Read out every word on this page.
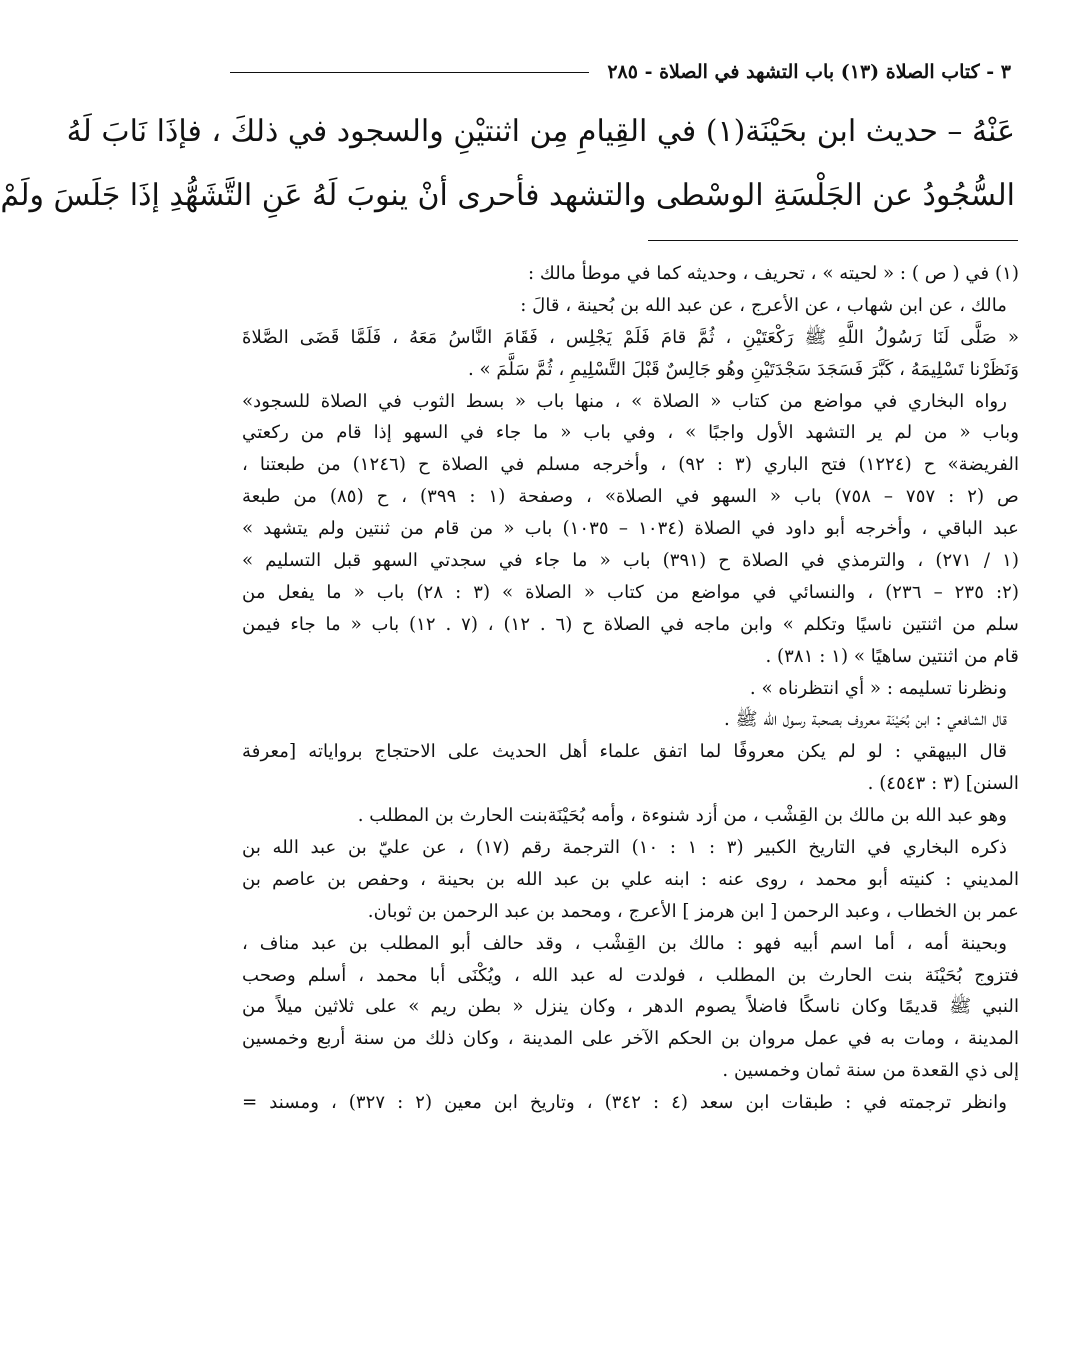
٣ - كتاب الصلاة (١٣) باب التشهد في الصلاة - ٢٨٥
عَنْهُ – حديث ابن بحَيْنَة(١) في القِيامِ مِن اثنتيْنِ والسجود في ذلكَ ، فإذَا نَابَ لَهُ
السُّجُودُ عن الجَلْسَةِ الوسْطى والتشهد فأحرى أنْ ينوبَ لَهُ عَنِ التَّشَهُّدِ إذَا جَلَسَ ولَمْ
(١) في ( ص ) : « لحيته » ، تحريف ، وحديثه كما في موطأ مالك :
مالك ، عن ابن شهاب ، عن الأعرج ، عن عبد الله بن بُحينة ، قالَ :
« صَلَّى لَنَا رَسُولُ اللَّهِ ﷺ رَكْعَتَيْنِ ، ثُمَّ قامَ فَلَمْ يَجْلِس ، فَقَامَ النَّاسُ مَعَهُ ، فَلَمَّا قَضَى الصَّلاةَ
وَنَظَرْنا تَسْلِيمَهُ ، كَبَّرَ فَسَجَدَ سَجْدَتَيْنِ وهُو جَالِسٌ قَبْلَ التَّسْلِيمِ ، ثُمَّ سَلَّمَ » .
رواه البخاري في مواضع من كتاب « الصلاة » ، منها باب « بسط الثوب في الصلاة للسجود»
وباب « من لم ير التشهد الأول واجبًا » ، وفي باب « ما جاء في السهو إذا قام من ركعتي
الفريضة» ح (١٢٢٤) فتح الباري (٣ : ٩٢) ، وأخرجه مسلم في الصلاة ح (١٢٤٦) من طبعتنا ،
ص (٢ : ٧٥٧ – ٧٥٨) باب « السهو في الصلاة» ، وصفحة (١ : ٣٩٩) ، ح (٨٥) من طبعة
عبد الباقي ، وأخرجه أبو داود في الصلاة (١٠٣٤ – ١٠٣٥) باب « من قام من ثنتين ولم يتشهد »
(١ / ٢٧١) ، والترمذي في الصلاة ح (٣٩١) باب « ما جاء في سجدتي السهو قبل التسليم »
(٢: ٢٣٥ – ٢٣٦) ، والنسائي في مواضع من كتاب « الصلاة » (٣ : ٢٨) باب « ما يفعل من
سلم من اثنتين ناسيًا وتكلم » وابن ماجه في الصلاة ح (٦ . ١٢) ، (٧ . ١٢) باب « ما جاء فيمن
قام من اثنتين ساهيًا » (١ : ٣٨١) .
ونظرنا تسليمه : « أي انتظرناه » .
قال الشافعي : ابن بُحَيْنَة معروف بصحبة رسول الله ﷺ .
قال البيهقي : لو لم يكن معروفًا لما اتفق علماء أهل الحديث على الاحتجاج برواياته [معرفة
السنن] (٣ : ٤٥٤٣) .
وهو عبد الله بن مالك بن القِشْب ، من أزد شنوءة ، وأمه بُحَيْنَةبنت الحارث بن المطلب .
ذكره البخاري في التاريخ الكبير (٣ : ١ : ١٠) الترجمة رقم (١٧) ، عن عليّ بن عبد الله بن
المديني : كنيته أبو محمد ، روى عنه : ابنه علي بن عبد الله بن بحينة ، وحفص بن عاصم بن
عمر بن الخطاب ، وعبد الرحمن [ ابن هرمز ] الأعرج ، ومحمد بن عبد الرحمن بن ثوبان.
وبحينة أمه ، أما اسم أبيه فهو : مالك بن القِشْب ، وقد حالف أبو المطلب بن عبد مناف ،
فتزوج بُحَيْنَة بنت الحارث بن المطلب ، فولدت له عبد الله ، ويُكْنَى أبا محمد ، أسلم وصحب
النبي ﷺ قديمًا وكان ناسكًا فاضلاً يصوم الدهر ، وكان ينزل « بطن ريم » على ثلاثين ميلاً من
المدينة ، ومات به في عمل مروان بن الحكم الآخر على المدينة ، وكان ذلك من سنة أربع وخمسين
إلى ذي القعدة من سنة ثمان وخمسين .
وانظر ترجمته في : طبقات ابن سعد (٤ : ٣٤٢) ، وتاريخ ابن معين (٢ : ٣٢٧) ، ومسند =
